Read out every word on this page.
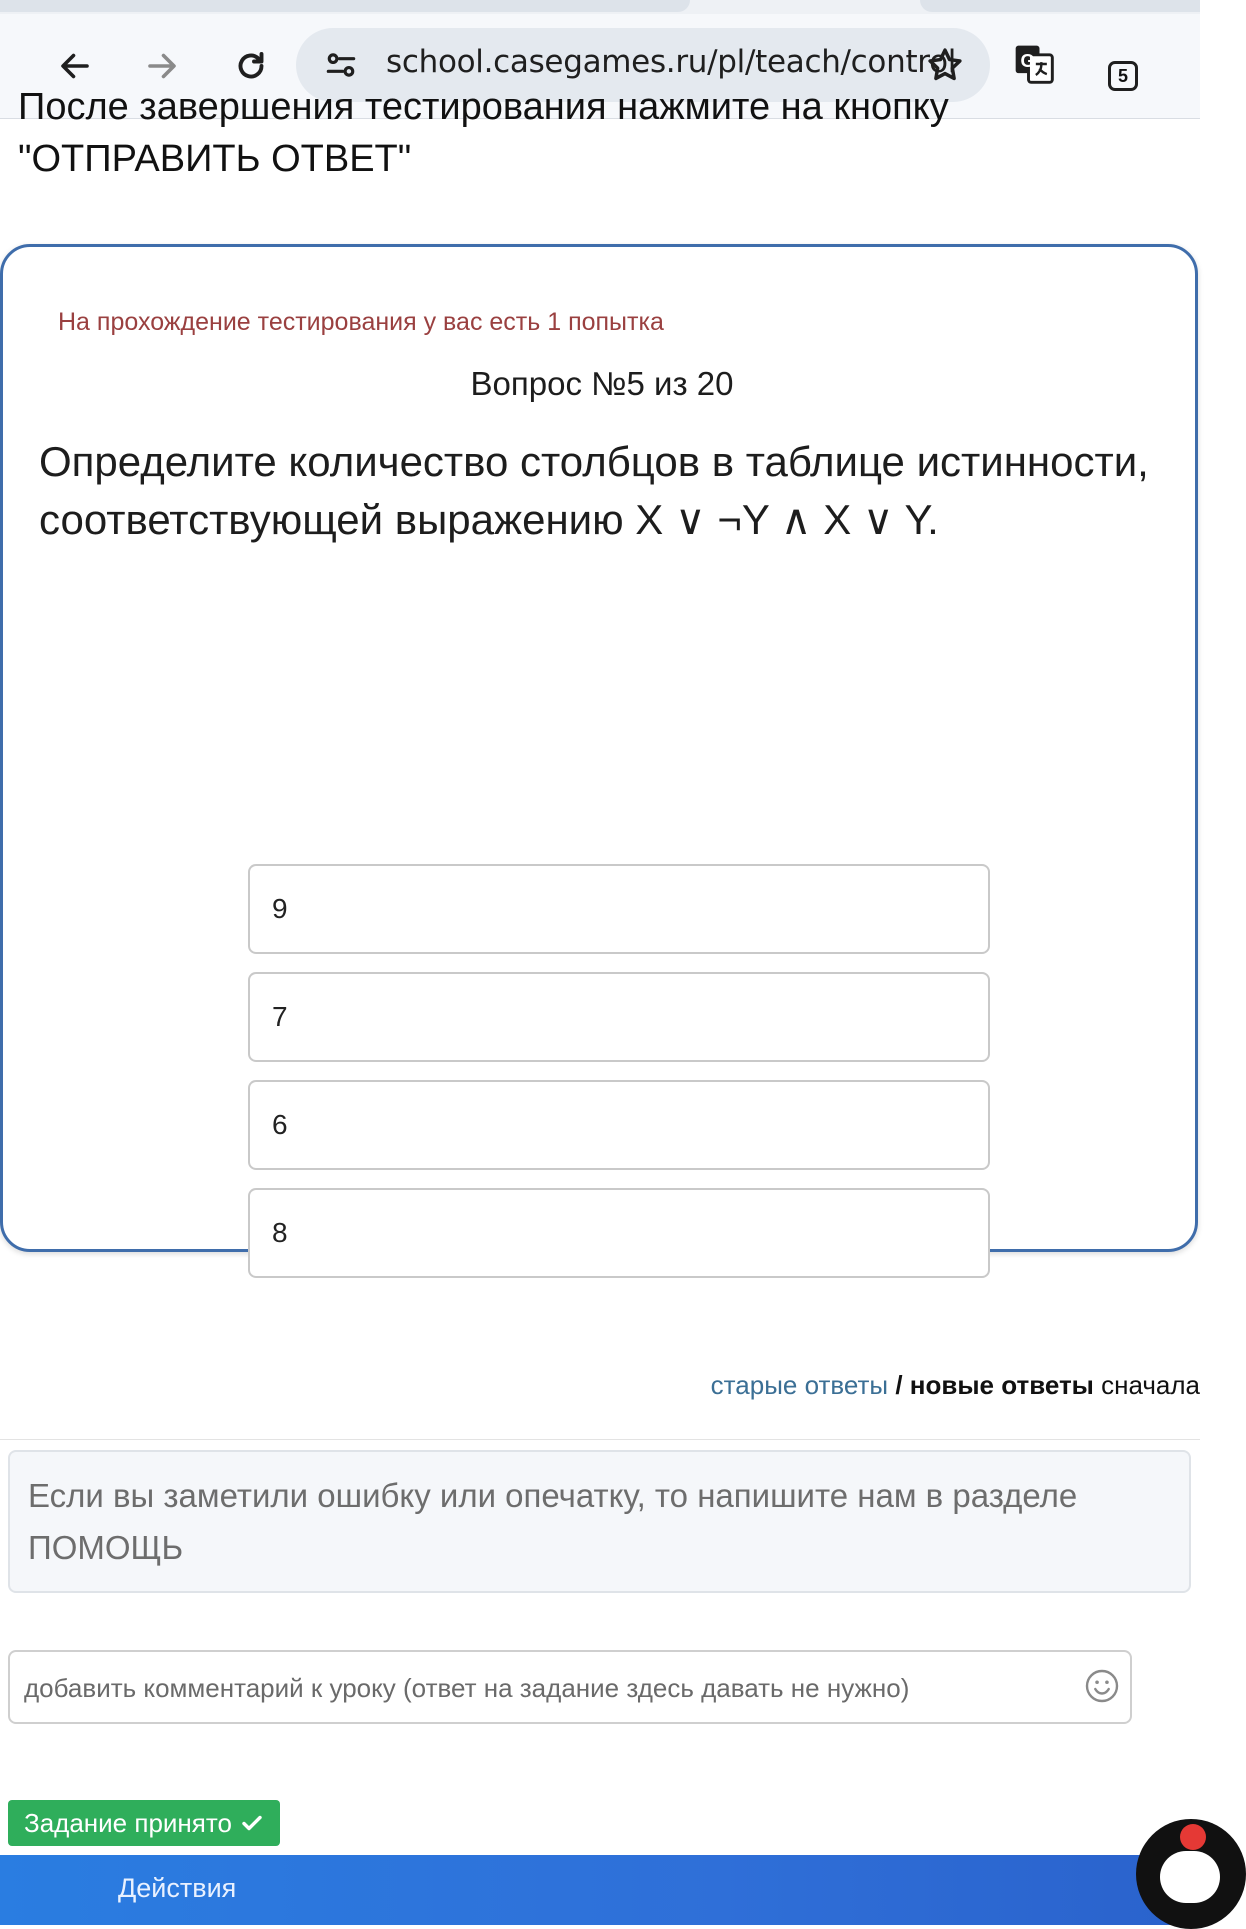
school.casegames.ru/pl/teach/control	G
5
После завершения тестирования нажмите на кнопку
"ОТПРАВИТЬ ОТВЕТ"
На прохождение тестирования у вас есть 1 попытка
Вопрос №5 из 20
Определите количество столбцов в таблице истинности, соответствующей выражению X ∨ ¬Y ∧ X ∨ Y.
9
7
6
8
старые ответы / новые ответы сначала
Если вы заметили ошибку или опечатку, то напишите нам в разделе ПОМОЩЬ
добавить комментарий к уроку (ответ на задание здесь давать не нужно)
Задание принято
Действия
